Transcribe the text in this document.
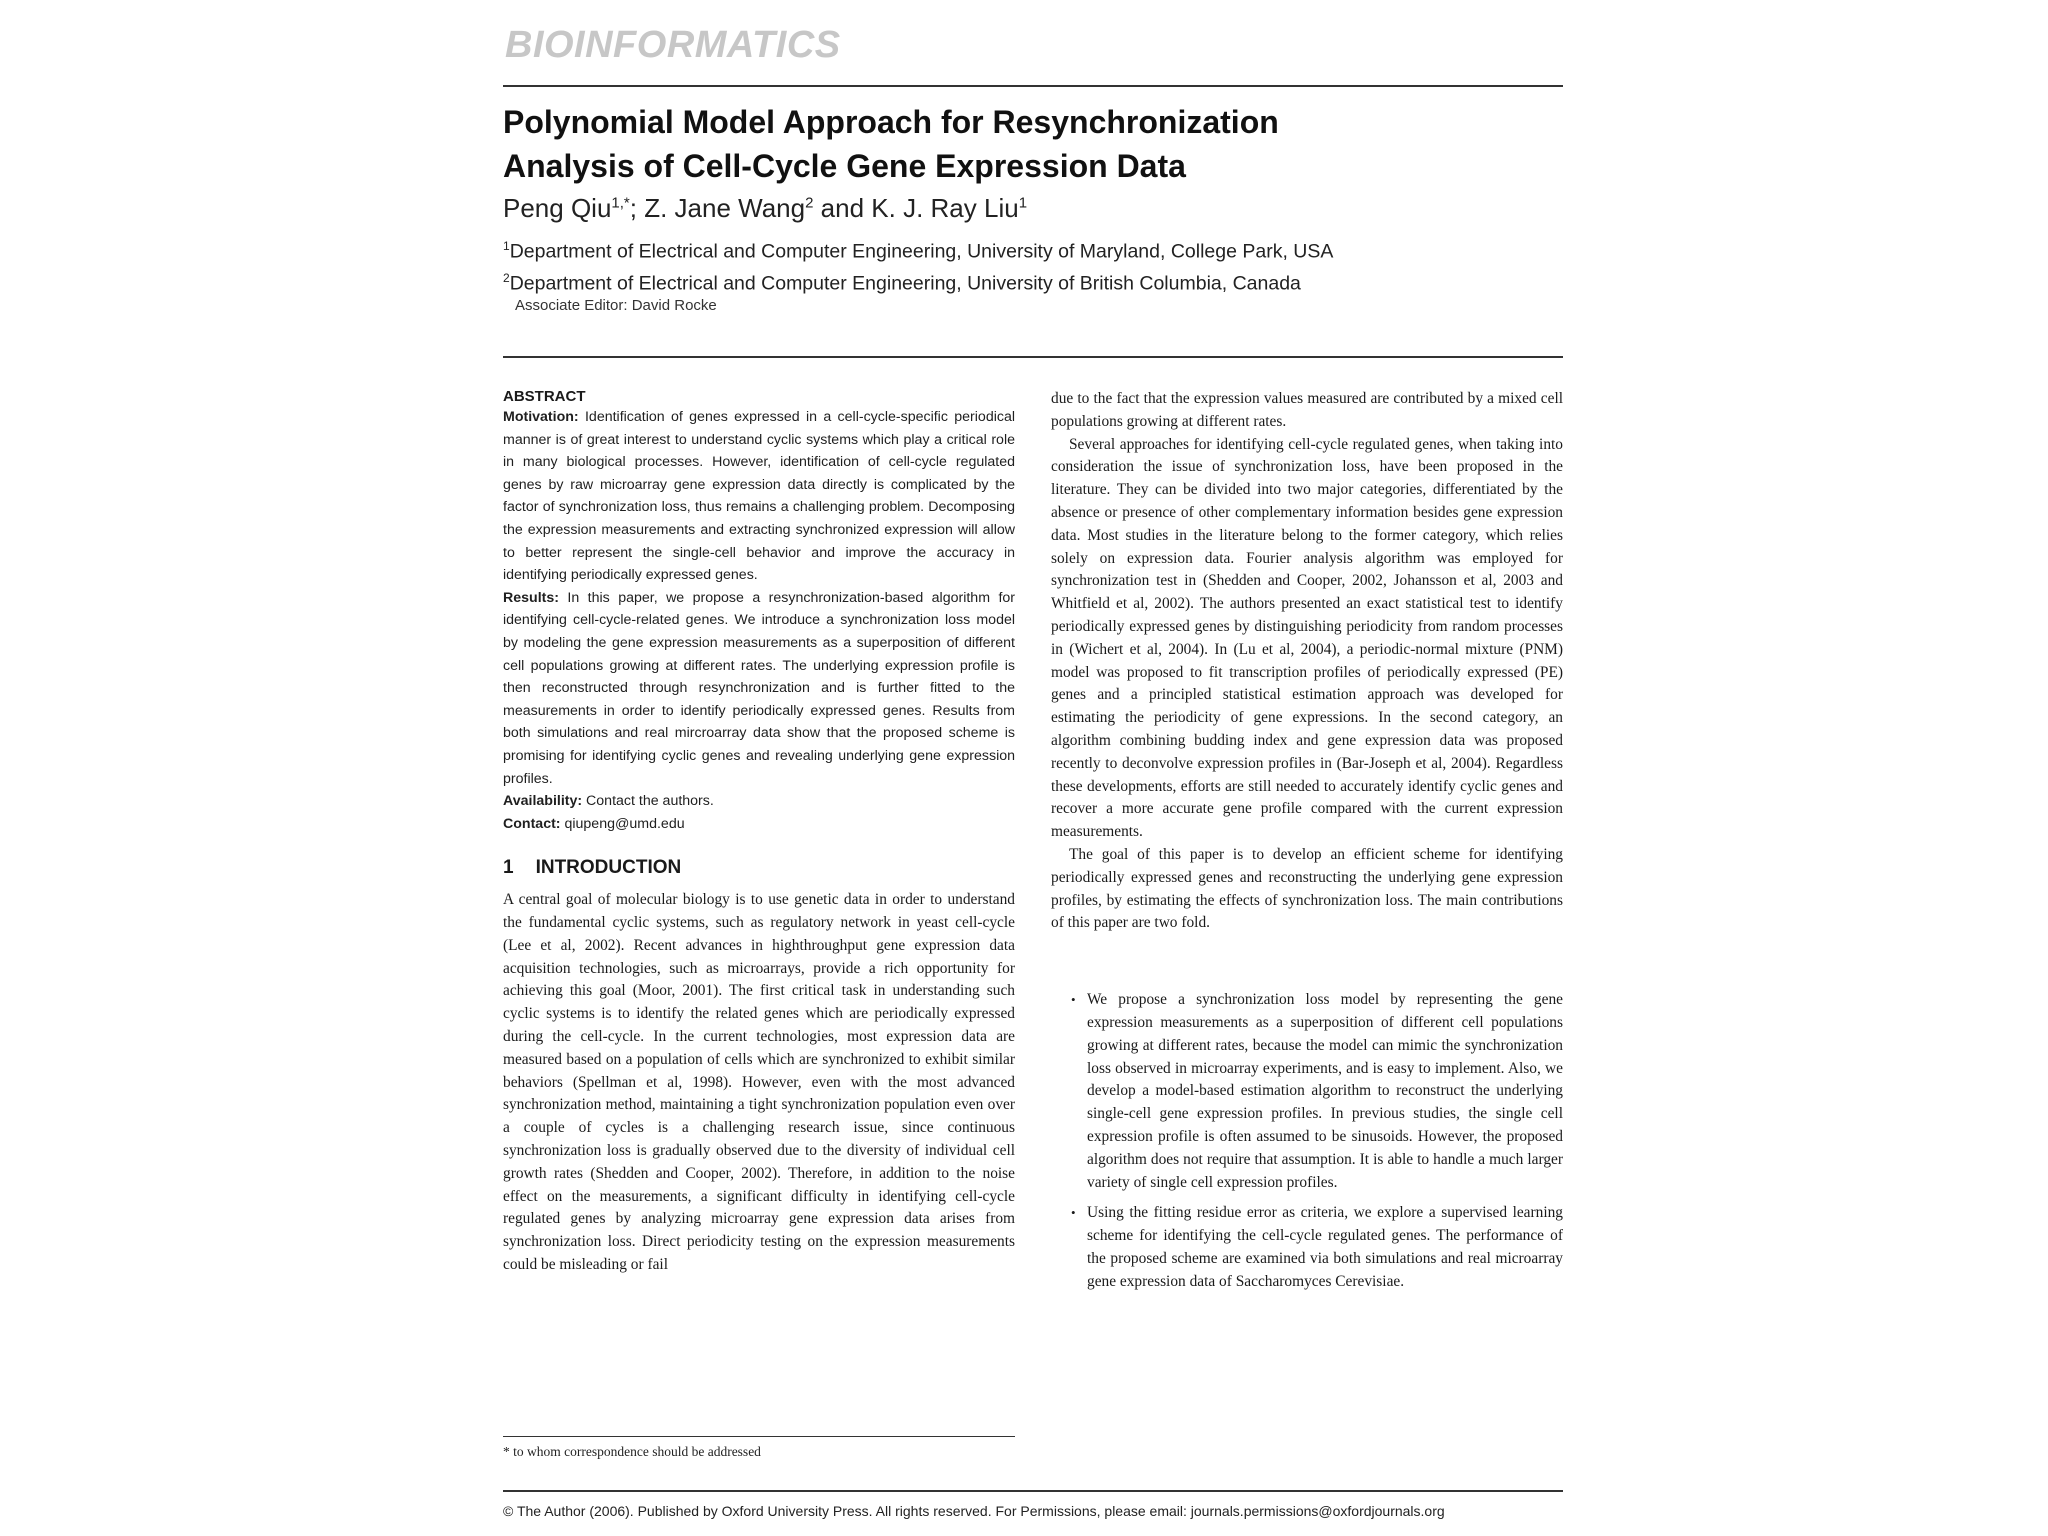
BIOINFORMATICS
Polynomial Model Approach for Resynchronization
Analysis of Cell-Cycle Gene Expression Data
Peng Qiu$^{1,*}$; Z. Jane Wang$^2$ and K. J. Ray Liu$^1$
$^1$Department of Electrical and Computer Engineering, University of Maryland, College Park, USA
$^2$Department of Electrical and Computer Engineering, University of British Columbia, Canada
Associate Editor: David Rocke
ABSTRACT

Motivation: Identification of genes expressed in a cell-cycle-specific periodical manner is of great interest to understand cyclic systems which play a critical role in many biological processes. However, identification of cell-cycle regulated genes by raw microarray gene expression data directly is complicated by the factor of synchronization loss, thus remains a challenging problem. Decomposing the expression measurements and extracting synchronized expression will allow to better represent the single-cell behavior and improve the accuracy in identifying periodically expressed genes.

Results: In this paper, we propose a resynchronization-based algorithm for identifying cell-cycle-related genes. We introduce a synchronization loss model by modeling the gene expression measurements as a superposition of different cell populations growing at different rates. The underlying expression profile is then reconstructed through resynchronization and is further fitted to the measurements in order to identify periodically expressed genes. Results from both simulations and real mircroarray data show that the proposed scheme is promising for identifying cyclic genes and revealing underlying gene expression profiles.

Availability: Contact the authors.

Contact: qiupeng@umd.edu

1 INTRODUCTION

A central goal of molecular biology is to use genetic data in order to understand the fundamental cyclic systems, such as regulatory network in yeast cell-cycle (Lee et al, 2002). Recent advances in highthroughput gene expression data acquisition technologies, such as microarrays, provide a rich opportunity for achieving this goal (Moor, 2001). The first critical task in understanding such cyclic systems is to identify the related genes which are periodically expressed during the cell-cycle. In the current technologies, most expression data are measured based on a population of cells which are synchronized to exhibit similar behaviors (Spellman et al, 1998). However, even with the most advanced synchronization method, maintaining a tight synchronization population even over a couple of cycles is a challenging research issue, since continuous synchronization loss is gradually observed due to the diversity of individual cell growth rates (Shedden and Cooper, 2002). Therefore, in addition to the noise effect on the measurements, a significant difficulty in identifying cell-cycle regulated genes by analyzing microarray gene expression data arises from synchronization loss. Direct periodicity testing on the expression measurements could be misleading or fail

* to whom correspondence should be addressed

due to the fact that the expression values measured are contributed by a mixed cell populations growing at different rates.

Several approaches for identifying cell-cycle regulated genes, when taking into consideration the issue of synchronization loss, have been proposed in the literature. They can be divided into two major categories, differentiated by the absence or presence of other complementary information besides gene expression data. Most studies in the literature belong to the former category, which relies solely on expression data. Fourier analysis algorithm was employed for synchronization test in (Shedden and Cooper, 2002, Johansson et al, 2003 and Whitfield et al, 2002). The authors presented an exact statistical test to identify periodically expressed genes by distinguishing periodicity from random processes in (Wichert et al, 2004). In (Lu et al, 2004), a periodic-normal mixture (PNM) model was proposed to fit transcription profiles of periodically expressed (PE) genes and a principled statistical estimation approach was developed for estimating the periodicity of gene expressions. In the second category, an algorithm combining budding index and gene expression data was proposed recently to deconvolve expression profiles in (Bar-Joseph et al, 2004). Regardless these developments, efforts are still needed to accurately identify cyclic genes and recover a more accurate gene profile compared with the current expression measurements.

The goal of this paper is to develop an efficient scheme for identifying periodically expressed genes and reconstructing the underlying gene expression profiles, by estimating the effects of synchronization loss. The main contributions of this paper are two fold.

• We propose a synchronization loss model by representing the gene expression measurements as a superposition of different cell populations growing at different rates, because the model can mimic the synchronization loss observed in microarray experiments, and is easy to implement. Also, we develop a model-based estimation algorithm to reconstruct the underlying single-cell gene expression profiles. In previous studies, the single cell expression profile is often assumed to be sinusoids. However, the proposed algorithm does not require that assumption. It is able to handle a much larger variety of single cell expression profiles.
• Using the fitting residue error as criteria, we explore a supervised learning scheme for identifying the cell-cycle regulated genes. The performance of the proposed scheme are examined via both simulations and real microarray gene expression data of Saccharomyces Cerevisiae.
© The Author (2006). Published by Oxford University Press. All rights reserved. For Permissions, please email: journals.permissions@oxfordjournals.org
